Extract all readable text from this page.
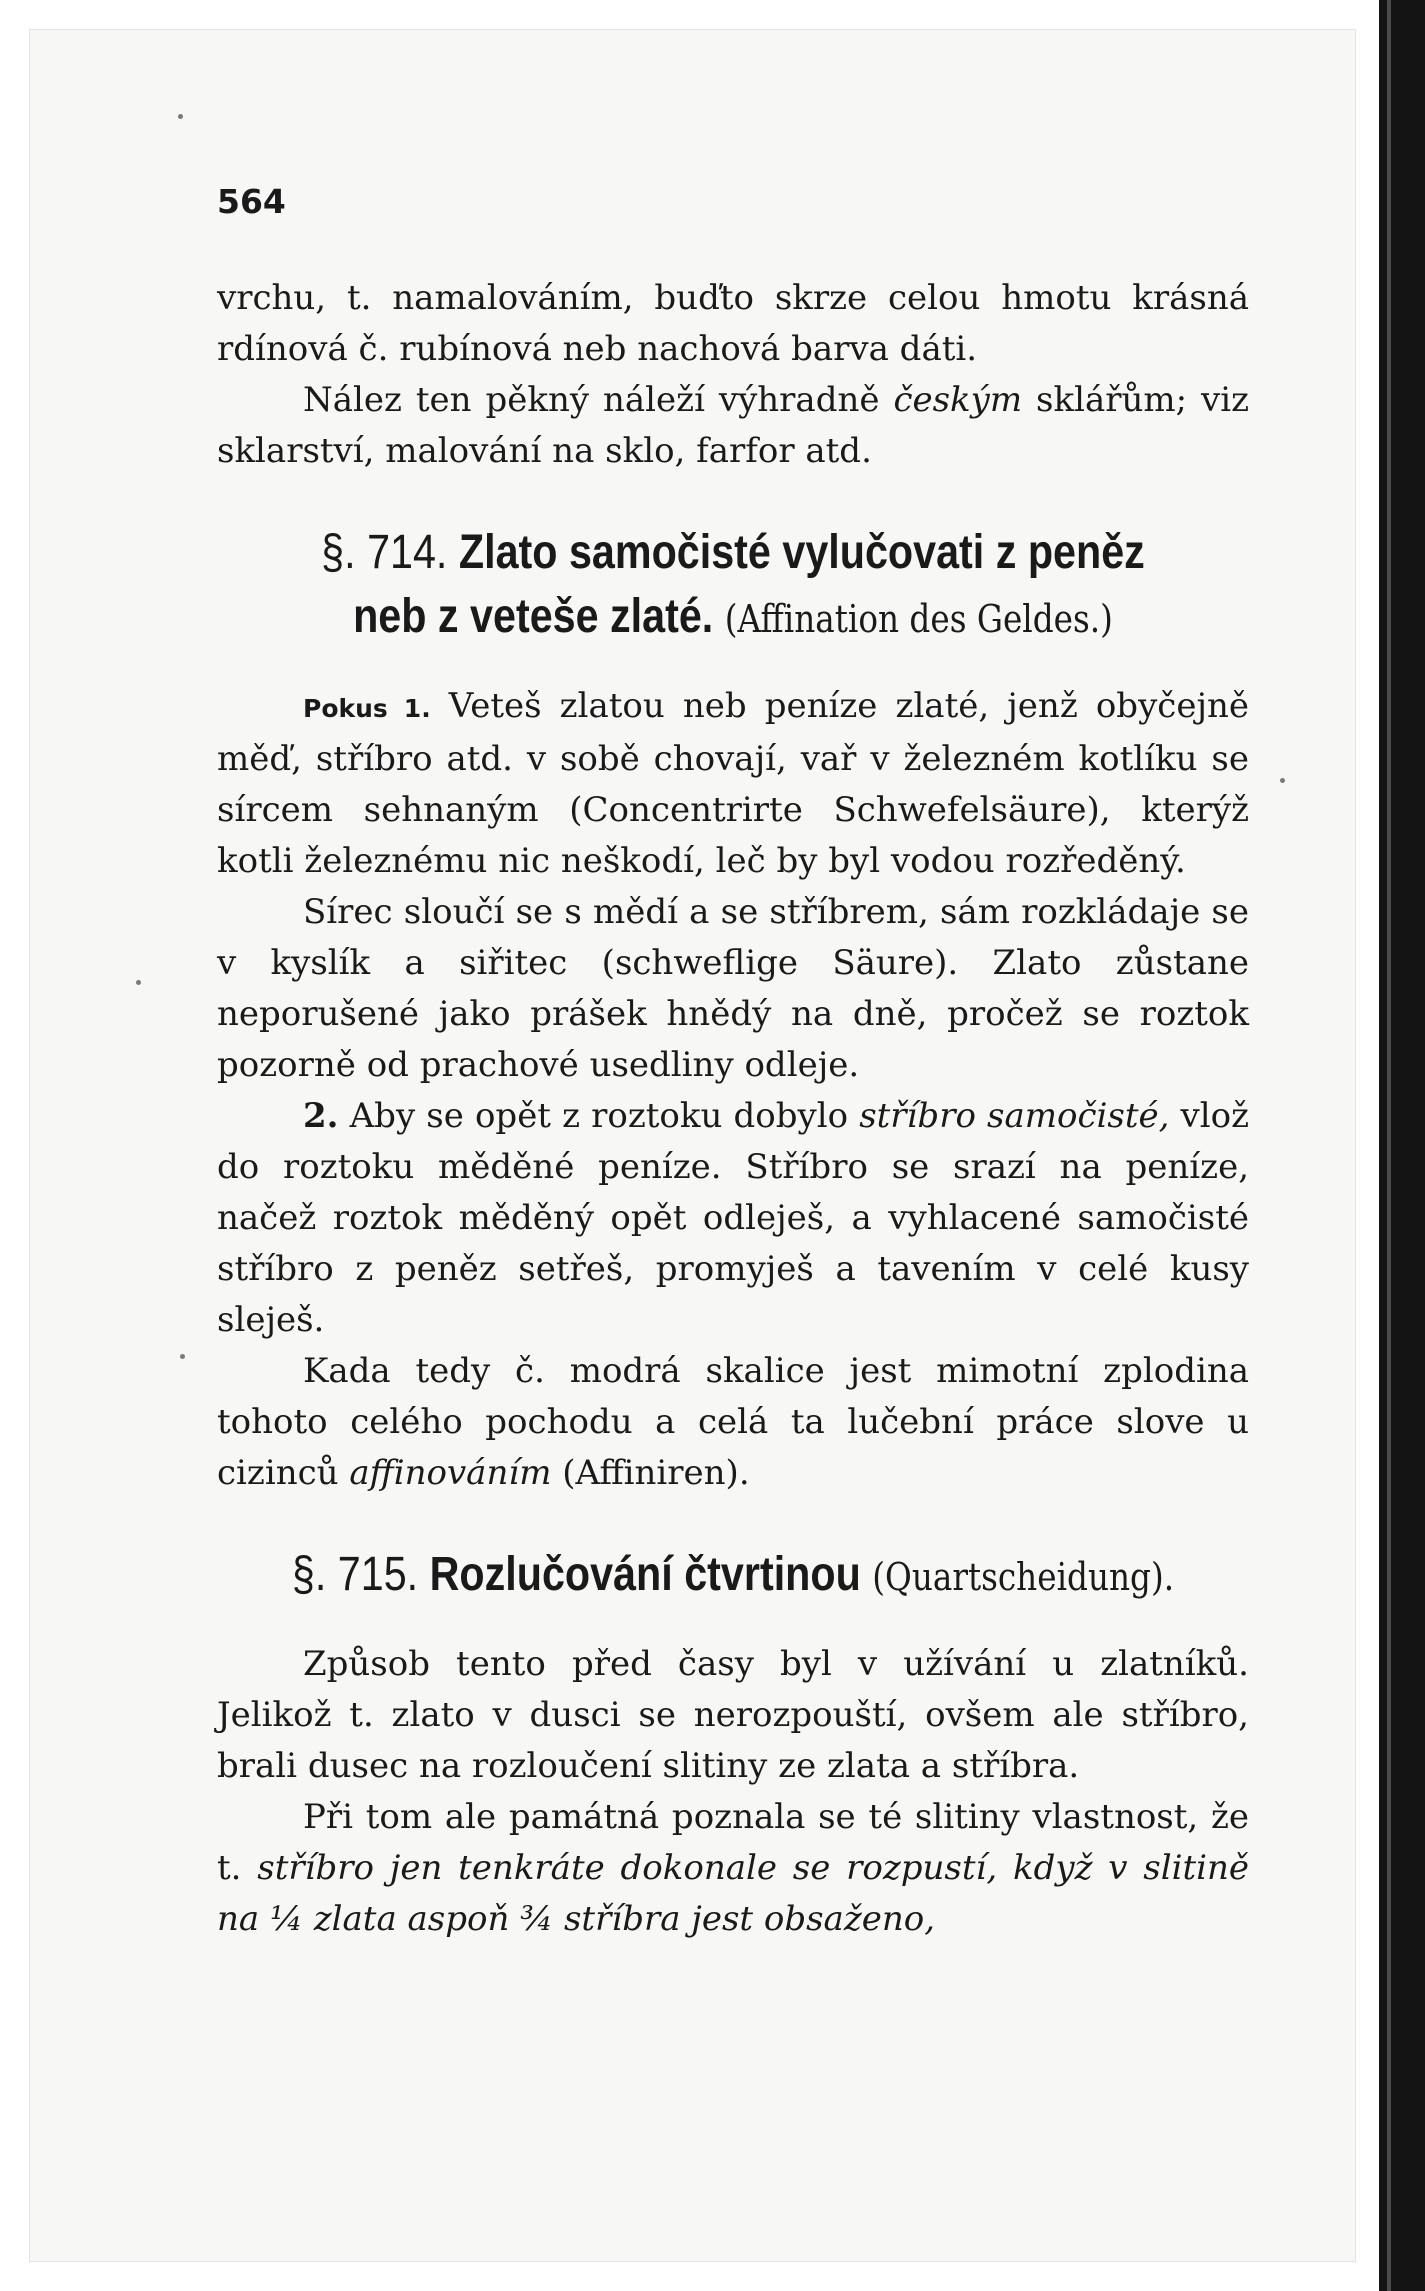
564

vrchu, t. namalováním, buďto skrze celou hmotu krásná rdínová č. rubínová neb nachová barva dáti.

Nález ten pěkný náleží výhradně českým sklářům; viz sklarství, malování na sklo, farfor atd.

§. 714. Zlato samočisté vylučovati z peněz neb z veteše zlaté. (Affination des Geldes.)

Pokus 1. Veteš zlatou neb peníze zlaté, jenž obyčejně měď, stříbro atd. v sobě chovají, vař v železném kotlíku se sírcem sehnaným (Concentrirte Schwefelsäure), kterýž kotli železnému nic neškodí, leč by byl vodou rozředěný.

Sírec sloučí se s mědí a se stříbrem, sám rozkládaje se v kyslík a siřitec (schweflige Säure). Zlato zůstane neporušené jako prášek hnědý na dně, pročež se roztok pozorně od prachové usedliny odleje.

2. Aby se opět z roztoku dobylo stříbro samočisté, vlož do roztoku měděné peníze. Stříbro se srazí na peníze, načež roztok měděný opět odleješ, a vyhlacené samočisté stříbro z peněz setřeš, promyješ a tavením v celé kusy sleješ.

Kada tedy č. modrá skalice jest mimotní zplodina tohoto celého pochodu a celá ta lučební práce slove u cizinců affinováním (Affiniren).

§. 715. Rozlučování čtvrtinou (Quartscheidung).

Způsob tento před časy byl v užívání u zlatníků. Jelikož t. zlato v dusci se nerozpouští, ovšem ale stříbro, brali dusec na rozloučení slitiny ze zlata a stříbra.

Při tom ale památná poznala se té slitiny vlastnost, že t. stříbro jen tenkráte dokonale se rozpustí, když v slitině na ¼ zlata aspoň ¾ stříbra jest obsaženo,
